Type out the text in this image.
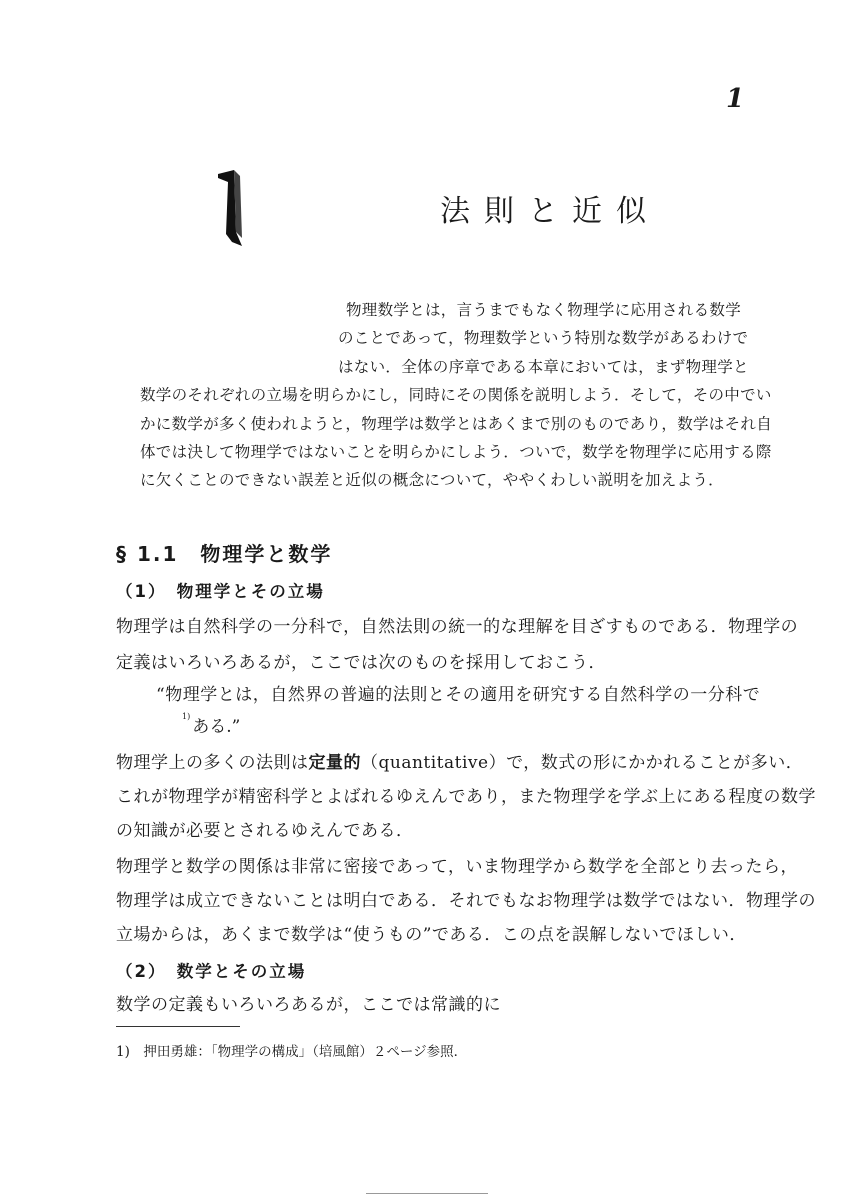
1
法則と近似
物理数学とは，言うまでもなく物理学に応用される数学
のことであって，物理数学という特別な数学があるわけで
はない．全体の序章である本章においては，まず物理学と
数学のそれぞれの立場を明らかにし，同時にその関係を説明しよう．そして，その中でい
かに数学が多く使われようと，物理学は数学とはあくまで別のものであり，数学はそれ自
体では決して物理学ではないことを明らかにしよう．ついで，数学を物理学に応用する際
に欠くことのできない誤差と近似の概念について，ややくわしい説明を加えよう．
§ 1.1　物理学と数学
（1）　物理学とその立場
物理学は自然科学の一分科で，自然法則の統一的な理解を目ざすものである．物理学の
定義はいろいろあるが，ここでは次のものを採用しておこう．
“物理学とは，自然界の普遍的法則とその適用を研究する自然科学の一分科で
$^{1)}$ある.”
物理学上の多くの法則は定量的（quantitative）で，数式の形にかかれることが多い．
これが物理学が精密科学とよばれるゆえんであり，また物理学を学ぶ上にある程度の数学
の知識が必要とされるゆえんである．
物理学と数学の関係は非常に密接であって，いま物理学から数学を全部とり去ったら，
物理学は成立できないことは明白である．それでもなお物理学は数学ではない．物理学の
立場からは，あくまで数学は“使うもの”である．この点を誤解しないでほしい．
（2）　数学とその立場
数学の定義もいろいろあるが，ここでは常識的に
1)　押田勇雄：「物理学の構成」（培風館）２ページ参照．
